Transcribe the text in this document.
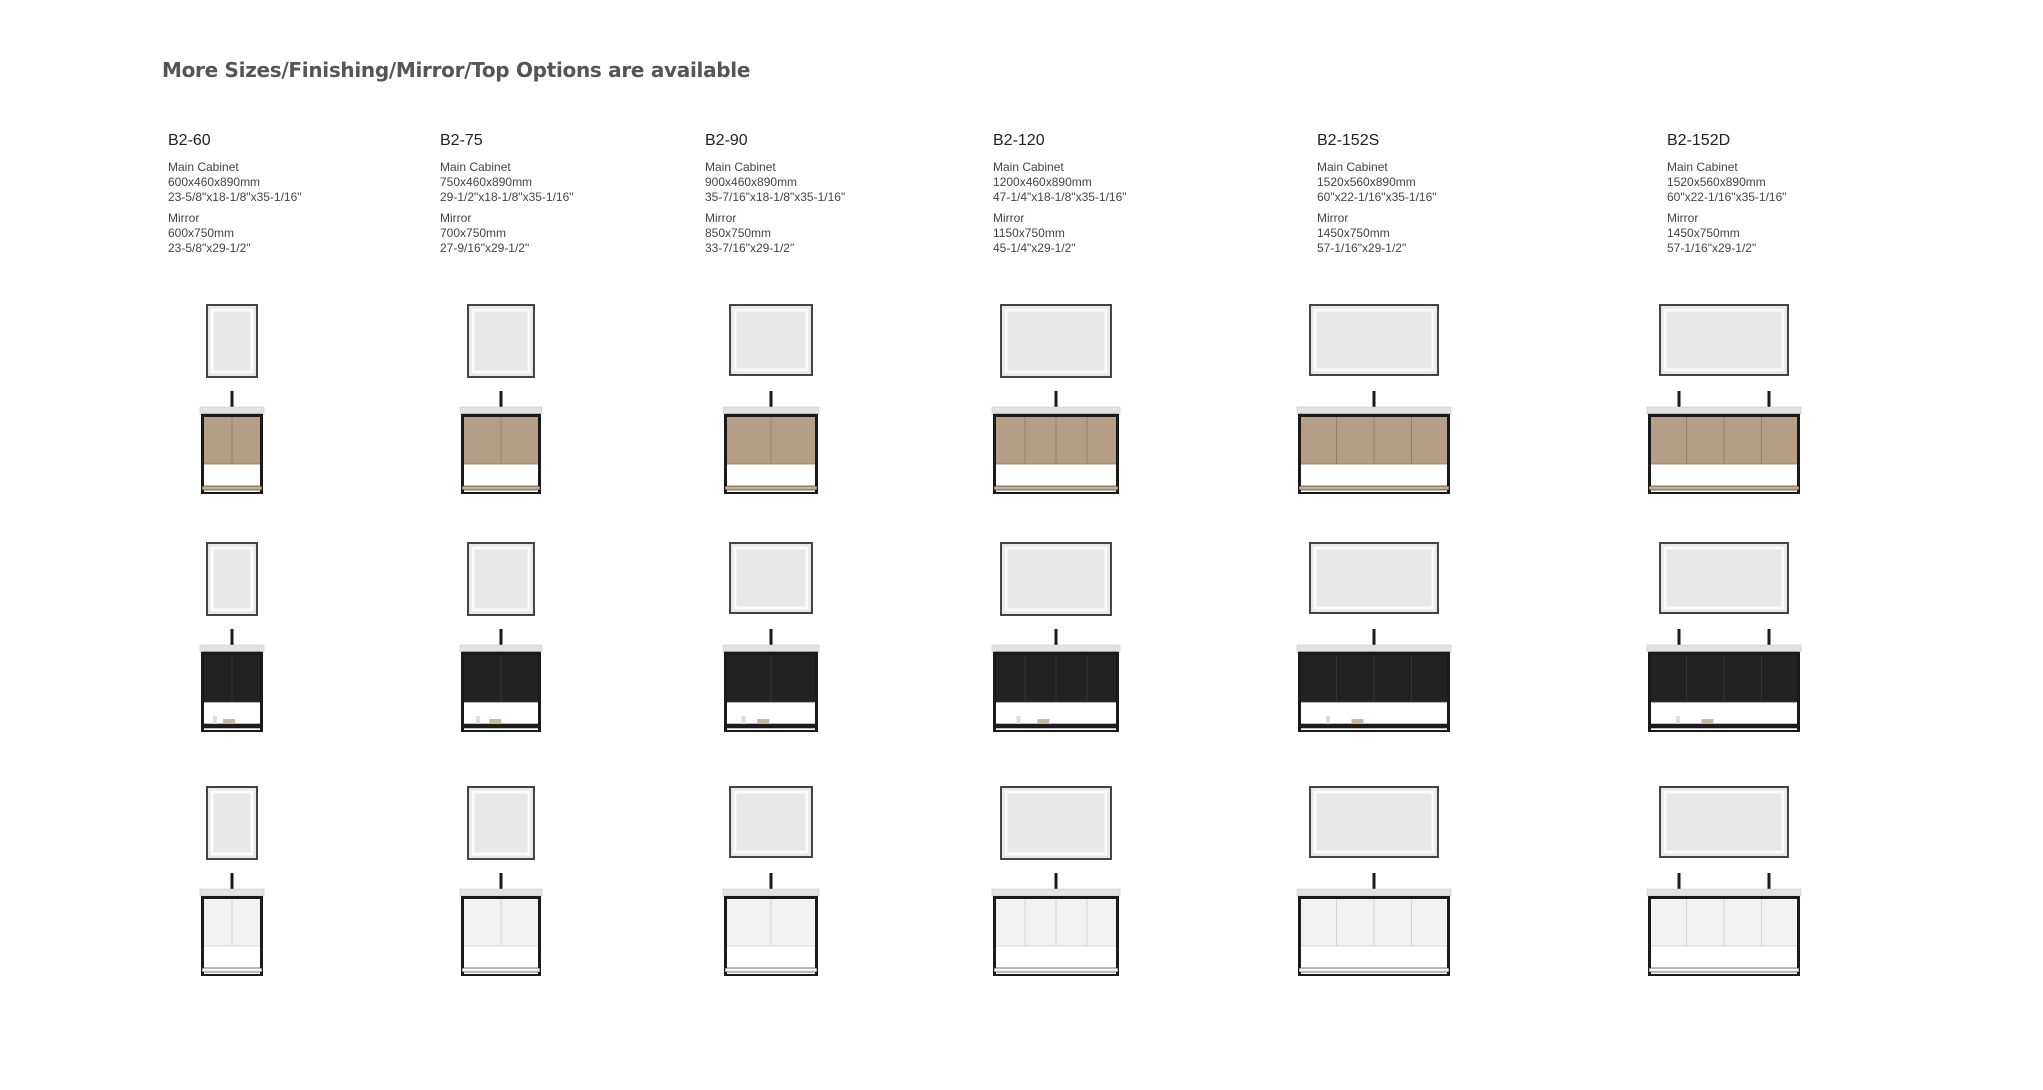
More Sizes/Finishing/Mirror/Top Options are available
B2-60
Main Cabinet
600x460x890mm
23-5/8"x18-1/8"x35-1/16"
Mirror
600x750mm
23-5/8"x29-1/2"
B2-75
Main Cabinet
750x460x890mm
29-1/2"x18-1/8"x35-1/16"
Mirror
700x750mm
27-9/16"x29-1/2"
B2-90
Main Cabinet
900x460x890mm
35-7/16"x18-1/8"x35-1/16"
Mirror
850x750mm
33-7/16"x29-1/2"
B2-120
Main Cabinet
1200x460x890mm
47-1/4"x18-1/8"x35-1/16"
Mirror
1150x750mm
45-1/4"x29-1/2"
B2-152S
Main Cabinet
1520x560x890mm
60"x22-1/16"x35-1/16"
Mirror
1450x750mm
57-1/16"x29-1/2"
B2-152D
Main Cabinet
1520x560x890mm
60"x22-1/16"x35-1/16"
Mirror
1450x750mm
57-1/16"x29-1/2"
